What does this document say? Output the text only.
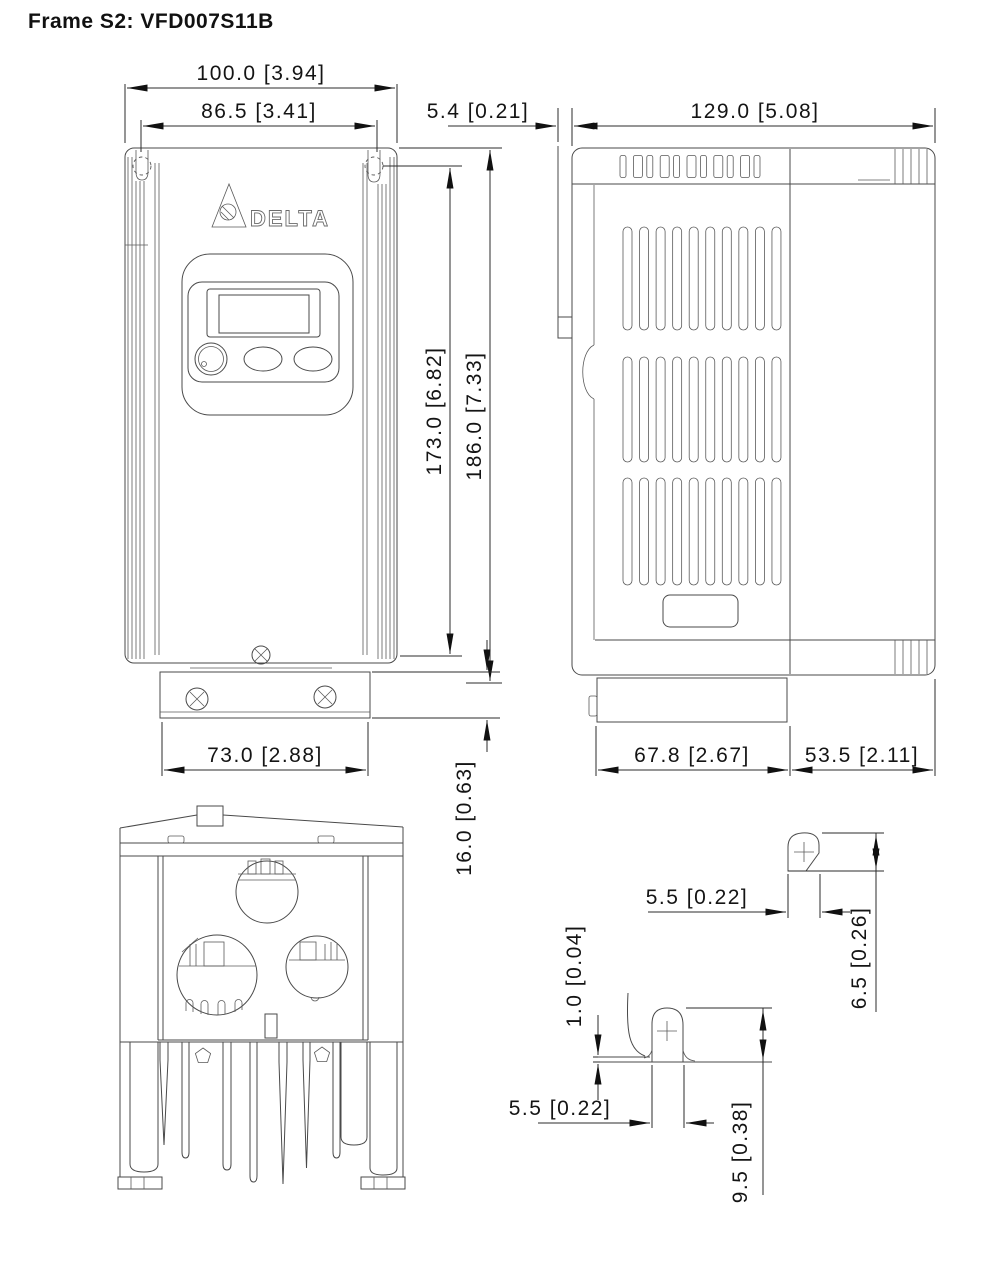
Frame S2: VFD007S11B
DELTA
100.0 [3.94]
86.5 [3.41]	5.4 [0.21]	129.0 [5.08]
173.0 [6.82] 186.0 [7.33]
16.0 [0.63]
73.0 [2.88]	67.8 [2.67]	53.5 [2.11]
5.5 [0.22]
6.5 [0.26]
1.0 [0.04]
5.5 [0.22]	9.5 [0.38]
